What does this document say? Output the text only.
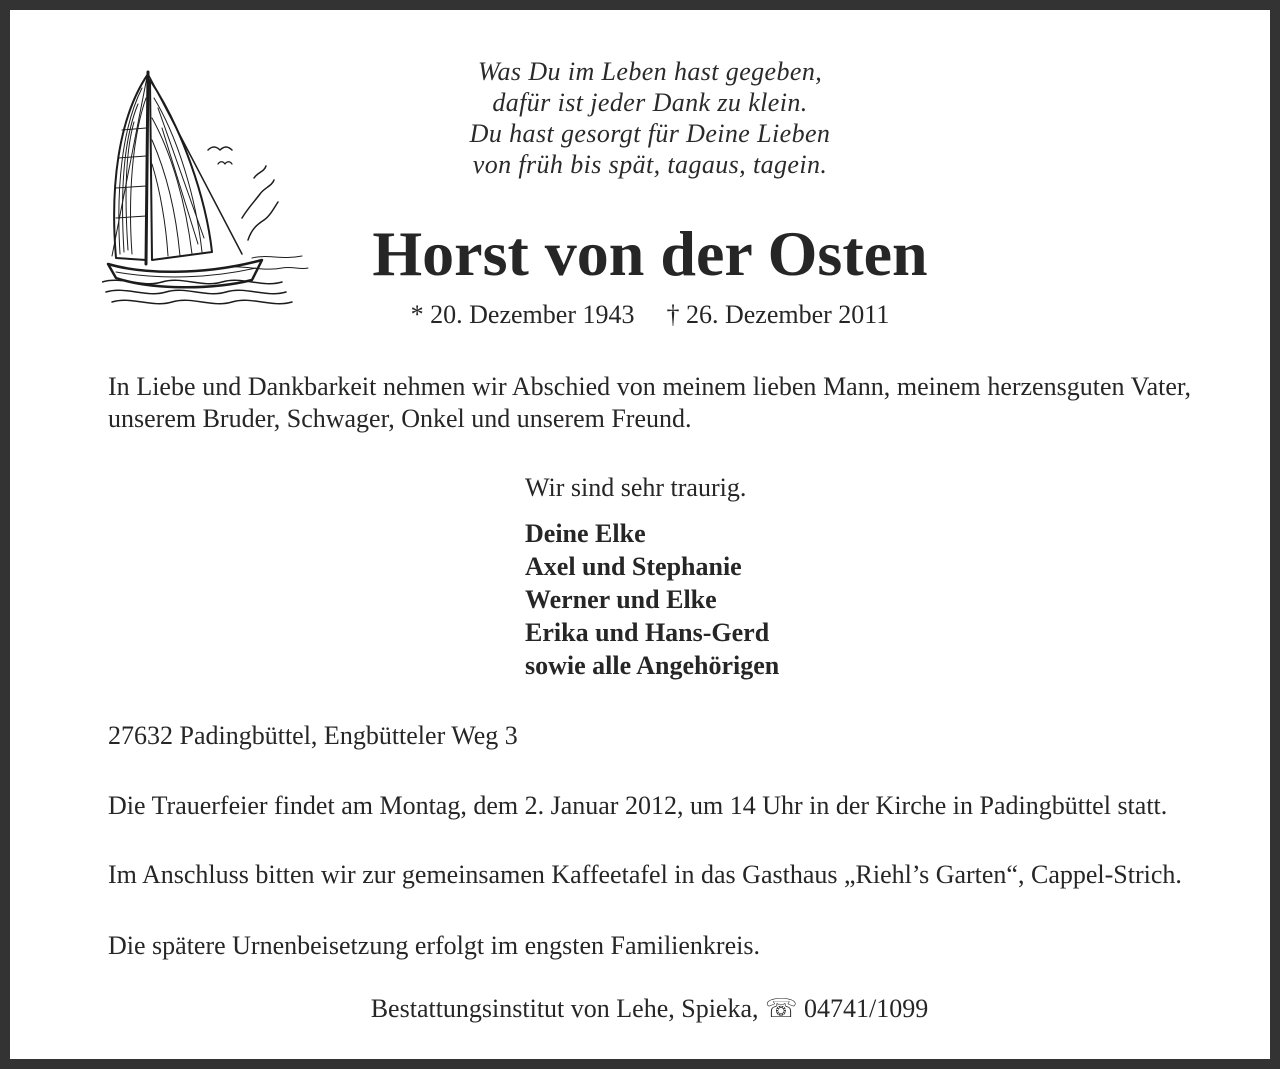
Was Du im Leben hast gegeben,
dafür ist jeder Dank zu klein.
Du hast gesorgt für Deine Lieben
von früh bis spät, tagaus, tagein.
Horst von der Osten
* 20. Dezember 1943 † 26. Dezember 2011
In Liebe und Dankbarkeit nehmen wir Abschied von meinem lieben Mann, meinem herzensguten Vater, unserem Bruder, Schwager, Onkel und unserem Freund.
Wir sind sehr traurig.
Deine Elke
Axel und Stephanie
Werner und Elke
Erika und Hans-Gerd
sowie alle Angehörigen
27632 Padingbüttel, Engbütteler Weg 3
Die Trauerfeier findet am Montag, dem 2. Januar 2012, um 14 Uhr in der Kirche in Padingbüttel statt.
Im Anschluss bitten wir zur gemeinsamen Kaffeetafel in das Gasthaus „Riehl’s Garten“, Cappel-Strich.
Die spätere Urnenbeisetzung erfolgt im engsten Familienkreis.
Bestattungsinstitut von Lehe, Spieka, ☏ 04741/1099
